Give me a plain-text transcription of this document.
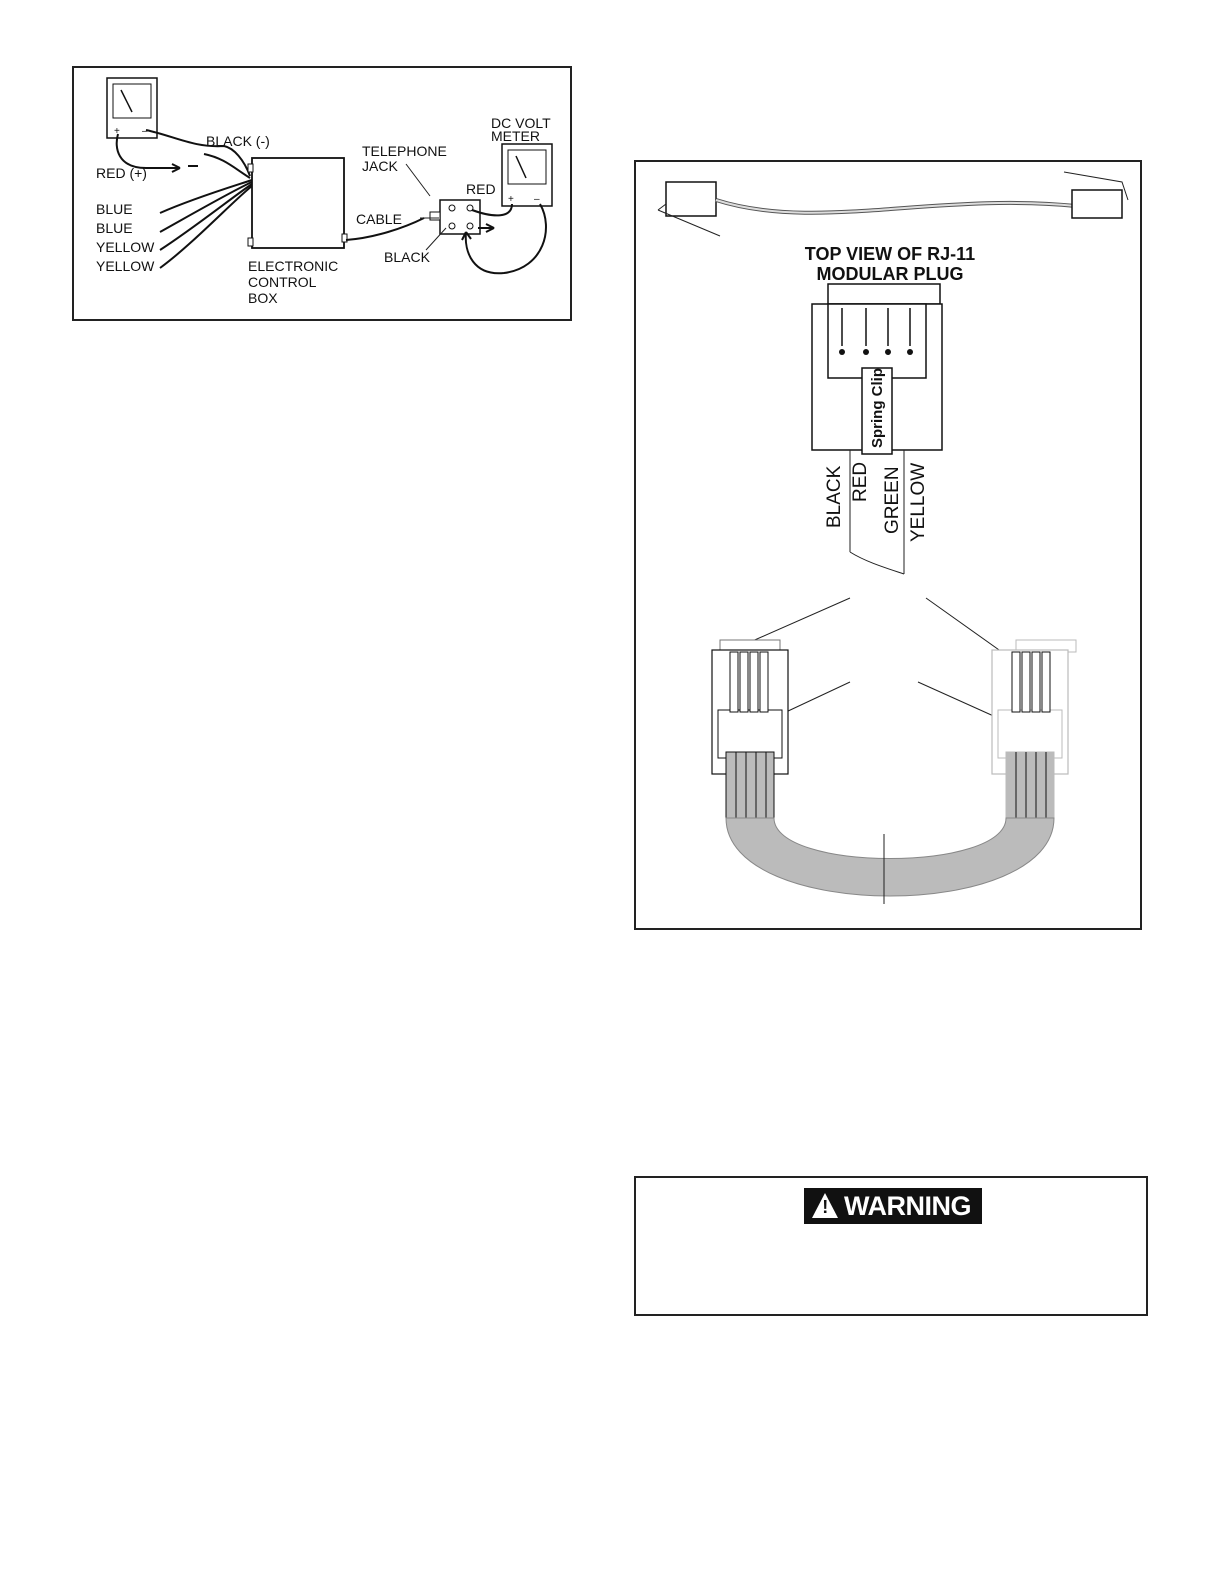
+ –
+ –
BLACK (-)
RED (+)
BLUE
BLUE
YELLOW
YELLOW
TELEPHONE
JACK
DC VOLT
METER
RED
CABLE
BLACK
ELECTRONIC
CONTROL
BOX
TOP VIEW OF RJ-11
MODULAR PLUG
Spring Clip
BLACK RED GREEN YELLOW
! WARNING
